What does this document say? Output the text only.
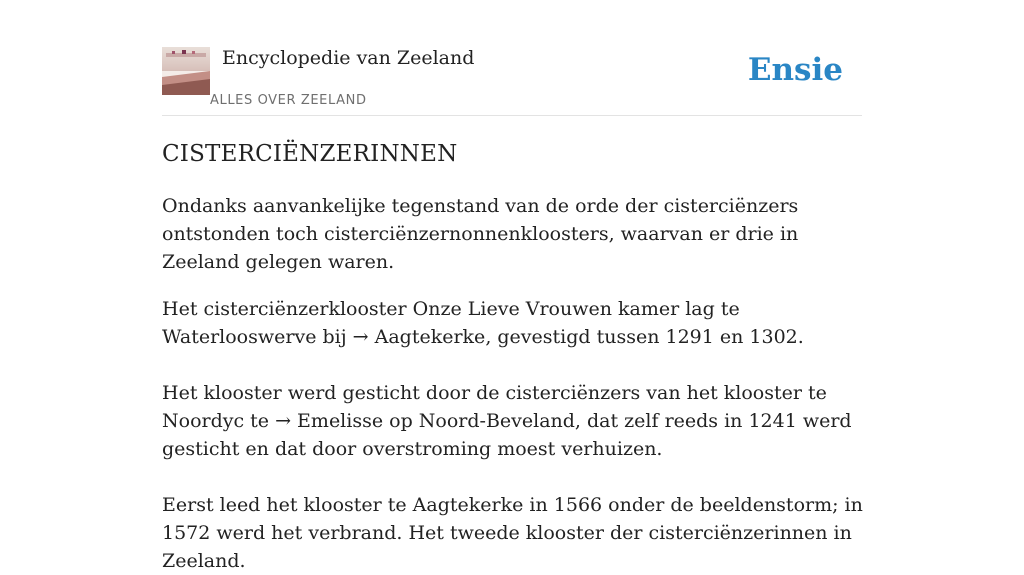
Encyclopedie van Zeeland
ALLES OVER ZEELAND
Ensie
CISTERCIËNZERINNEN

Ondanks aanvankelijke tegenstand van de orde der cisterciënzers ontstonden toch cisterciënzernonnenkloosters, waarvan er drie in Zeeland gelegen waren.

Het cisterciënzerklooster Onze Lieve Vrouwen kamer lag te Waterlooswerve bij → Aagtekerke, gevestigd tussen 1291 en 1302.

Het klooster werd gesticht door de cisterciënzers van het klooster te Noordyc te → Emelisse op Noord-Beveland, dat zelf reeds in 1241 werd gesticht en dat door overstroming moest verhuizen.

Eerst leed het klooster te Aagtekerke in 1566 onder de beeldenstorm; in 1572 werd het verbrand. Het tweede klooster der cisterciënzerinnen in Zeeland.
